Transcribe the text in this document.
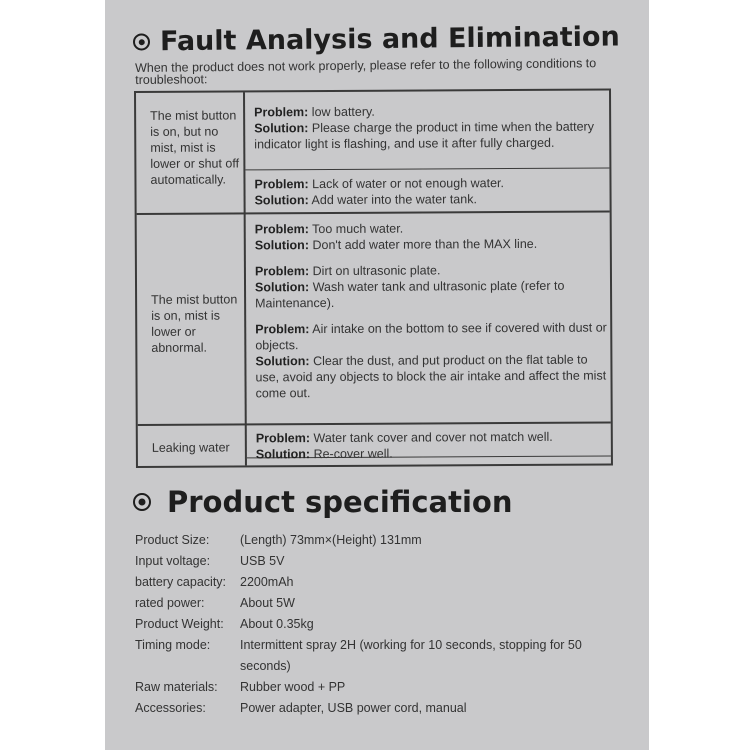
Fault Analysis and Elimination
When the product does not work properly, please refer to the following conditions to troubleshoot:
The mist button is on, but no mist, mist is lower or shut off automatically.
Problem: low battery.
Solution: Please charge the product in time when the battery indicator light is flashing, and use it after fully charged.
Problem: Lack of water or not enough water.
Solution: Add water into the water tank.
The mist button is on, mist is lower or abnormal.
Problem: Too much water.
Solution: Don't add water more than the MAX line.
Problem: Dirt on ultrasonic plate.
Solution: Wash water tank and ultrasonic plate (refer to Maintenance).
Problem: Air intake on the bottom to see if covered with dust or objects.
Solution: Clear the dust, and put product on the flat table to use, avoid any objects to block the air intake and affect the mist come out.
Leaking water
Problem: Water tank cover and cover not match well.
Solution: Re-cover well.
Product specification
Product Size:	(Length) 73mm×(Height) 131mm
Input voltage:	USB 5V
battery capacity:	2200mAh
rated power:	About 5W
Product Weight:	About 0.35kg
Timing mode:	Intermittent spray 2H (working for 10 seconds, stopping for 50 seconds)
Raw materials:	Rubber wood + PP
Accessories:	Power adapter, USB power cord, manual
